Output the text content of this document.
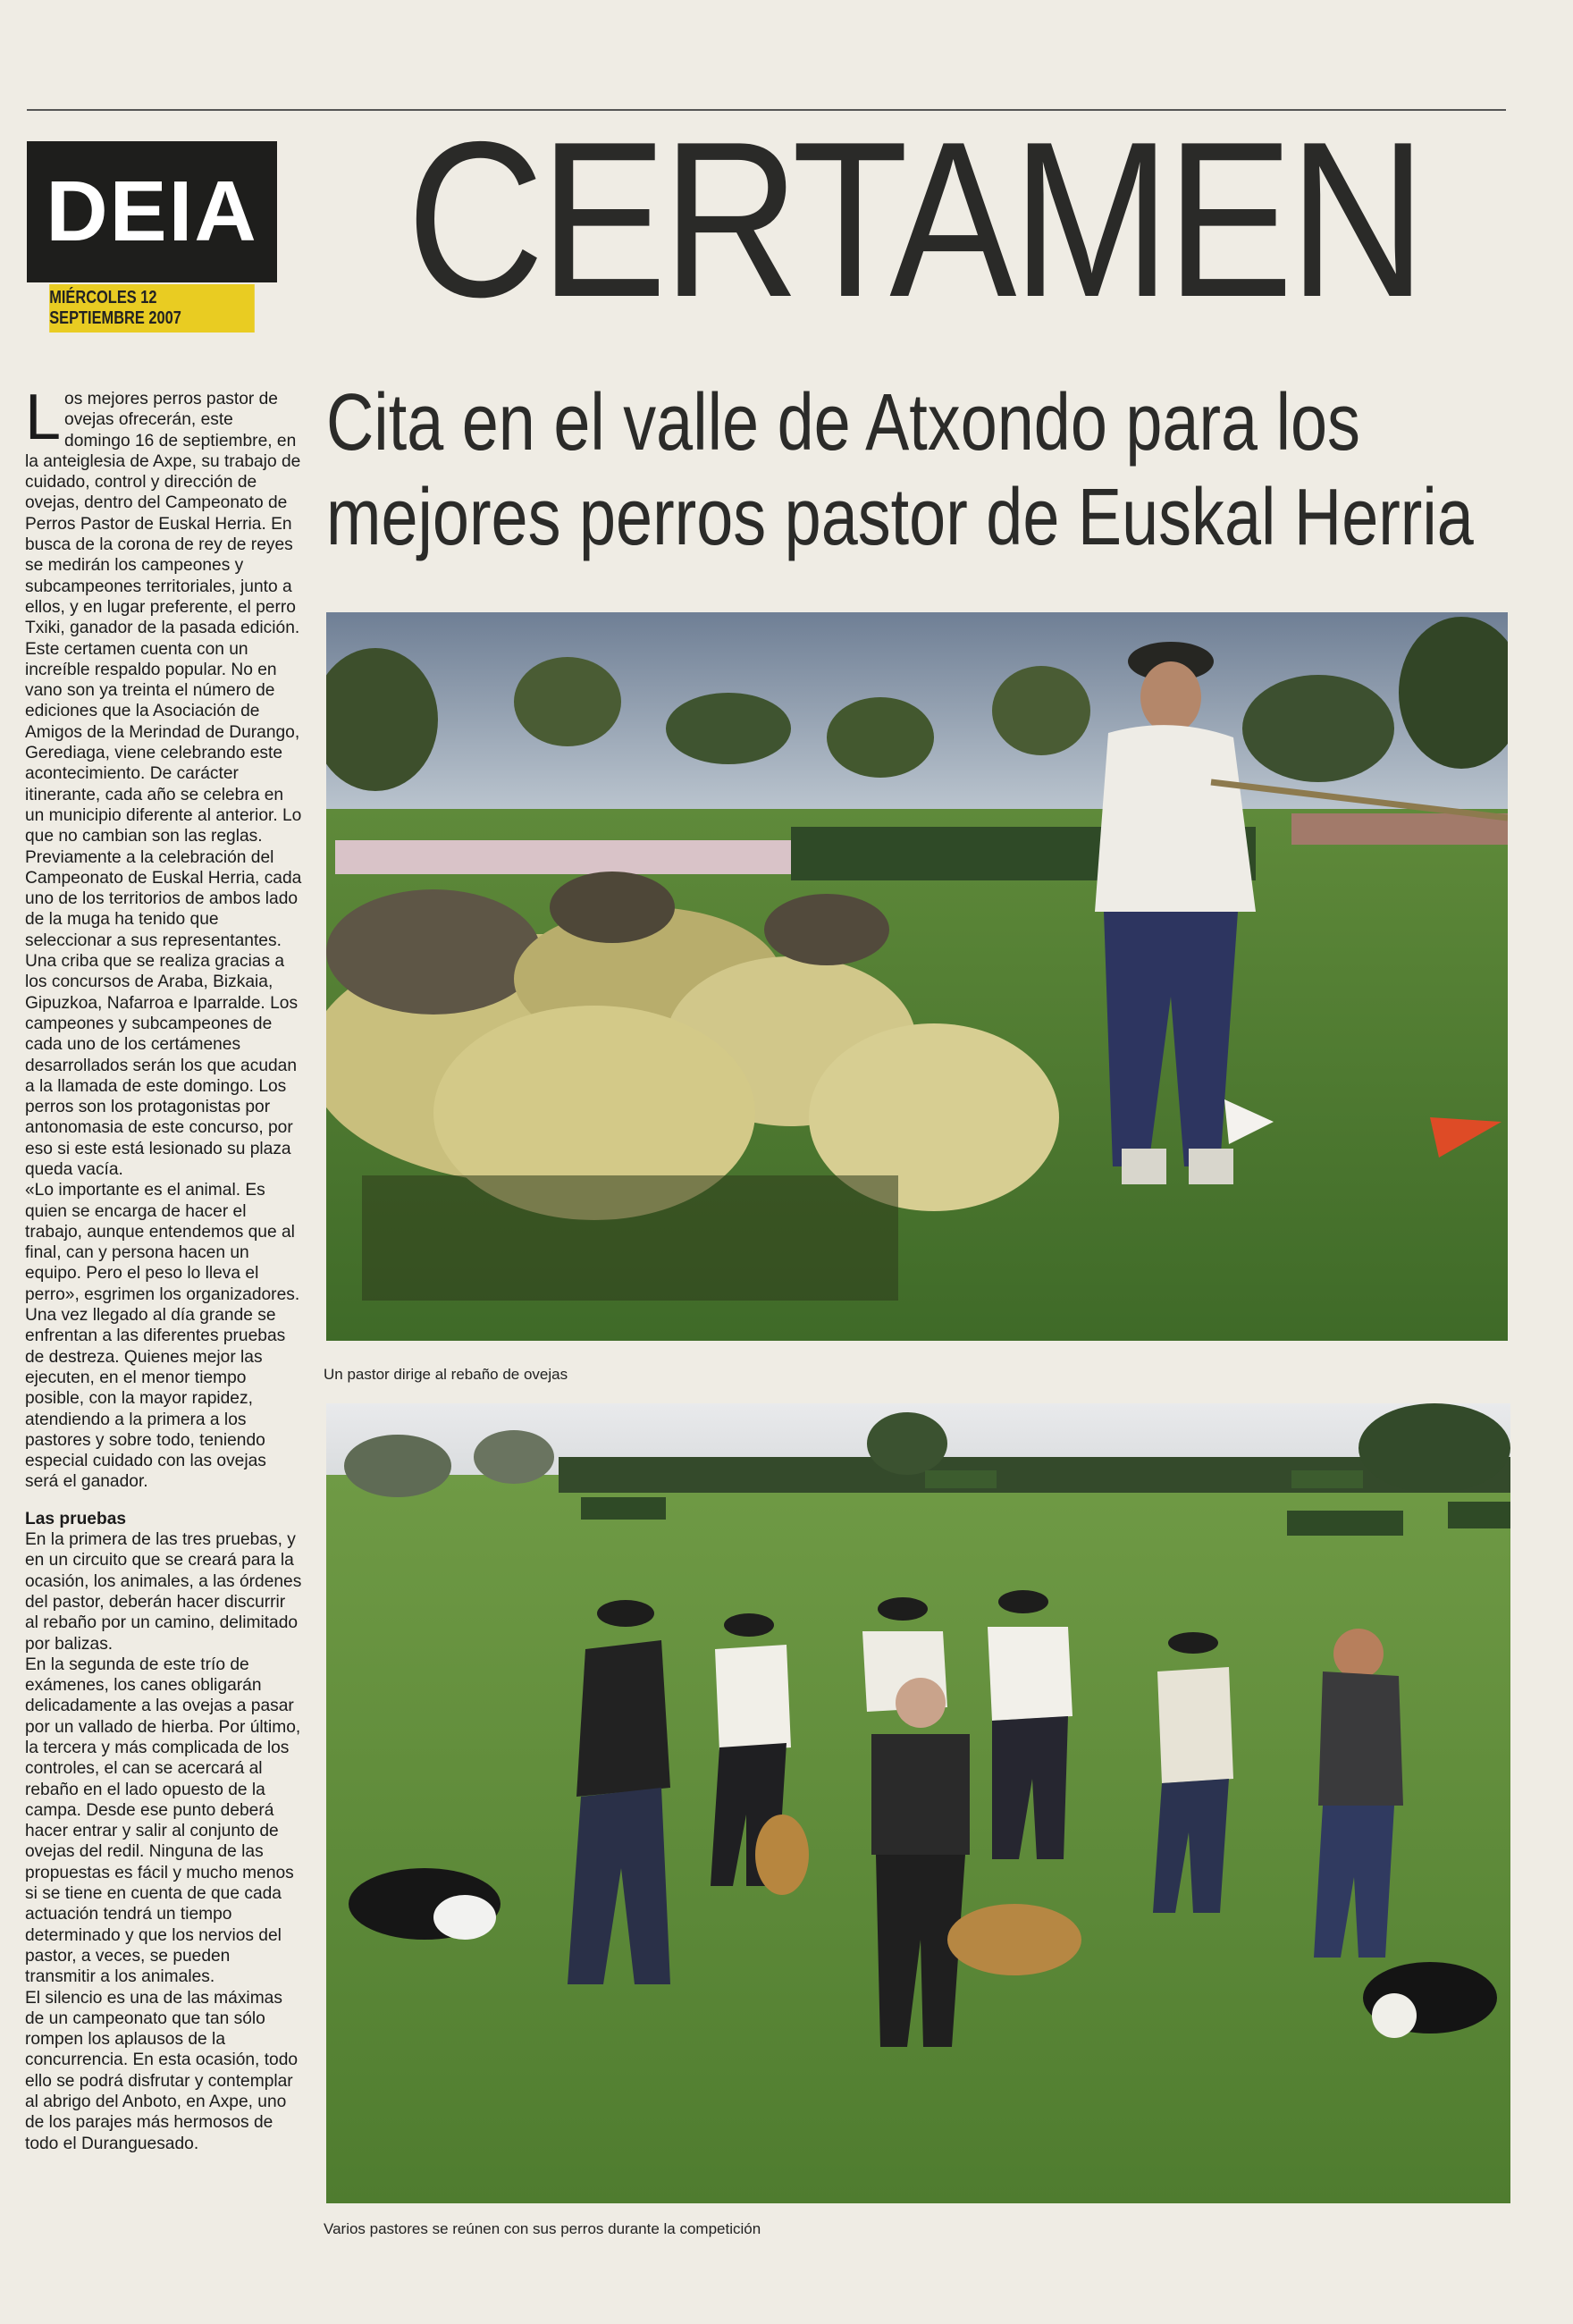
DEIA
MIÉRCOLES 12 SEPTIEMBRE 2007	CERTAMEN
Cita en el valle de Atxondo para los
mejores perros pastor de Euskal Herria

Los mejores perros pastor de ovejas ofrecerán, este domingo 16 de septiembre, en la anteiglesia de Axpe, su trabajo de cuidado, control y dirección de ovejas, dentro del Campeonato de Perros Pastor de Euskal Herria. En busca de la corona de rey de reyes se medirán los campeones y subcampeones territoriales, junto a ellos, y en lugar preferente, el perro Txiki, ganador de la pasada edición.

Este certamen cuenta con un increíble respaldo popular. No en vano son ya treinta el número de ediciones que la Asociación de Amigos de la Merindad de Durango, Gerediaga, viene celebrando este acontecimiento. De carácter itinerante, cada año se celebra en un municipio diferente al anterior. Lo que no cambian son las reglas.

Previamente a la celebración del Campeonato de Euskal Herria, cada uno de los territorios de ambos lado de la muga ha tenido que seleccionar a sus representantes. Una criba que se realiza gracias a los concursos de Araba, Bizkaia, Gipuzkoa, Nafarroa e Iparralde. Los campeones y subcampeones de cada uno de los certámenes desarrollados serán los que acudan a la llamada de este domingo. Los perros son los protagonistas por antonomasia de este concurso, por eso si este está lesionado su plaza queda vacía.

«Lo importante es el animal. Es quien se encarga de hacer el trabajo, aunque entendemos que al final, can y persona hacen un equipo. Pero el peso lo lleva el perro», esgrimen los organizadores. Una vez llegado al día grande se enfrentan a las diferentes pruebas de destreza. Quienes mejor las ejecuten, en el menor tiempo posible, con la mayor rapidez, atendiendo a la primera a los pastores y sobre todo, teniendo especial cuidado con las ovejas será el ganador.

Las pruebas

En la primera de las tres pruebas, y en un circuito que se creará para la ocasión, los animales, a las órdenes del pastor, deberán hacer discurrir al rebaño por un camino, delimitado por balizas.

En la segunda de este trío de exámenes, los canes obligarán delicadamente a las ovejas a pasar por un vallado de hierba. Por último, la tercera y más complicada de los controles, el can se acercará al rebaño en el lado opuesto de la campa. Desde ese punto deberá hacer entrar y salir al conjunto de ovejas del redil. Ninguna de las propuestas es fácil y mucho menos si se tiene en cuenta de que cada actuación tendrá un tiempo determinado y que los nervios del pastor, a veces, se pueden transmitir a los animales.

El silencio es una de las máximas de un campeonato que tan sólo rompen los aplausos de la concurrencia. En esta ocasión, todo ello se podrá disfrutar y contemplar al abrigo del Anboto, en Axpe, uno de los parajes más hermosos de todo el Duranguesado.

Un pastor dirige al rebaño de ovejas
Varios pastores se reúnen con sus perros durante la competición
